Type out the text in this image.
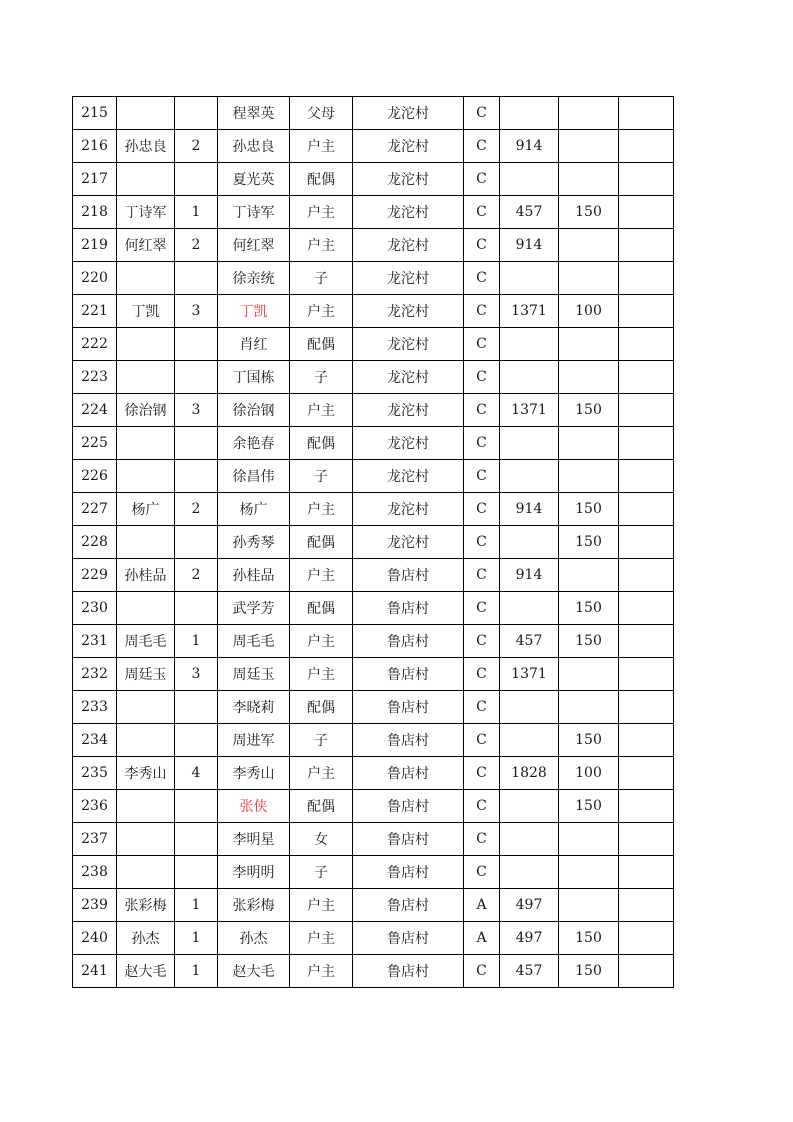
215			程翠英	父母	龙沱村	C			
216	孙忠良	2	孙忠良	户主	龙沱村	C	914		
217			夏光英	配偶	龙沱村	C			
218	丁诗军	1	丁诗军	户主	龙沱村	C	457	150	
219	何红翠	2	何红翠	户主	龙沱村	C	914		
220			徐亲统	子	龙沱村	C			
221	丁凯	3	丁凯	户主	龙沱村	C	1371	100	
222			肖红	配偶	龙沱村	C			
223			丁国栋	子	龙沱村	C			
224	徐治钢	3	徐治钢	户主	龙沱村	C	1371	150	
225			余艳春	配偶	龙沱村	C			
226			徐昌伟	子	龙沱村	C			
227	杨广	2	杨广	户主	龙沱村	C	914	150	
228			孙秀琴	配偶	龙沱村	C		150	
229	孙桂品	2	孙桂品	户主	鲁店村	C	914		
230			武学芳	配偶	鲁店村	C		150	
231	周毛毛	1	周毛毛	户主	鲁店村	C	457	150	
232	周廷玉	3	周廷玉	户主	鲁店村	C	1371		
233			李晓莉	配偶	鲁店村	C			
234			周进军	子	鲁店村	C		150	
235	李秀山	4	李秀山	户主	鲁店村	C	1828	100	
236			张侠	配偶	鲁店村	C		150	
237			李明星	女	鲁店村	C			
238			李明明	子	鲁店村	C			
239	张彩梅	1	张彩梅	户主	鲁店村	A	497		
240	孙杰	1	孙杰	户主	鲁店村	A	497	150	
241	赵大毛	1	赵大毛	户主	鲁店村	C	457	150	
